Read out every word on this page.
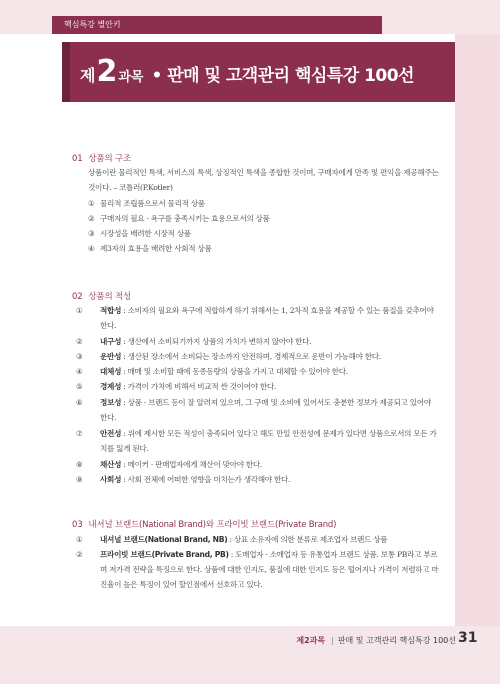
핵심특강 별안키
제 2 과목 • 판매 및 고객관리 핵심특강 100선
01 상품의 구조
상품이란 물리적인 특색, 서비스의 특색, 상징적인 특색을 종합한 것이며, 구매자에게 만족 및 편익을 제공해주는 것이다. – 코틀러(P.Kotler)
① 물리적 조립품으로서 물리적 상품
② 구매자의 필요 · 욕구를 충족시키는 효용으로서의 상품
③ 시장성을 배려한 시장적 상품
④ 제3자의 효용을 배려한 사회적 상품
02 상품의 적성
① 적합성 : 소비자의 필요와 욕구에 적합하게 하기 위해서는 1, 2차적 효용을 제공할 수 있는 품질을 갖추어야 한다.
② 내구성 : 생산에서 소비되기까지 상품의 가치가 변하지 않아야 한다.
③ 운반성 : 생산된 장소에서 소비되는 장소까지 안전하며, 경제적으로 운반이 가능해야 한다.
④ 대체성 : 매매 및 소비할 때에 동종동량의 상품을 가지고 대체할 수 있어야 한다.
⑤ 경제성 : 가격이 가치에 비해서 비교적 싼 것이어야 한다.
⑥ 정보성 : 상품 · 브랜드 등이 잘 알려져 있으며, 그 구매 및 소비에 있어서도 충분한 정보가 제공되고 있어야 한다.
⑦ 안전성 : 위에 제시한 모든 적성이 충족되어 있다고 해도 만일 안전성에 문제가 있다면 상품으로서의 모든 가치를 잃게 된다.
⑧ 채산성 : 메이커 · 판매업자에게 채산이 맞아야 한다.
⑨ 사회성 : 사회 전체에 어떠한 영향을 미치는가 생각해야 한다.
03 내셔널 브랜드(National Brand)와 프라이빗 브랜드(Private Brand)
① 내셔널 브랜드(National Brand, NB) : 상표 소유자에 의한 분류로 제조업자 브랜드 상품
② 프라이빗 브랜드(Private Brand, PB) : 도매업자 · 소매업자 등 유통업자 브랜드 상품. 보통 PB라고 부르며 저가격 전략을 특징으로 한다. 상품에 대한 인지도, 품질에 대한 인지도 등은 떨어지나 가격이 저렴하고 마진율이 높은 특징이 있어 할인점에서 선호하고 있다.
제2과목 | 판매 및 고객관리 핵심특강 100선 31
